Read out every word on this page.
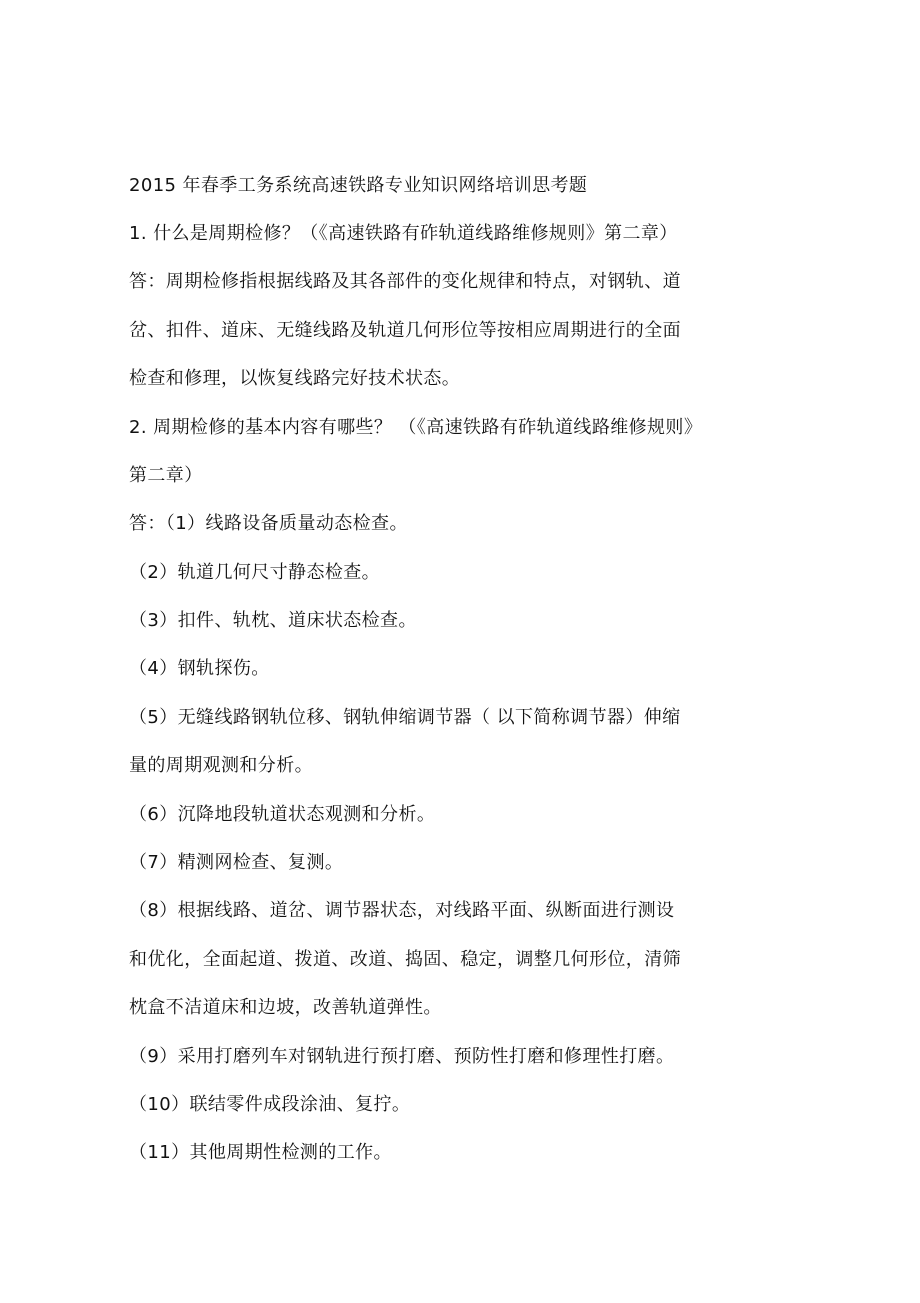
2015 年春季工务系统高速铁路专业知识网络培训思考题
1. 什么是周期检修？（《高速铁路有砟轨道线路维修规则》第二章）
答：周期检修指根据线路及其各部件的变化规律和特点，对钢轨、道
岔、扣件、道床、无缝线路及轨道几何形位等按相应周期进行的全面
检查和修理，以恢复线路完好技术状态。
2. 周期检修的基本内容有哪些？ （《高速铁路有砟轨道线路维修规则》
第二章）
答：（1）线路设备质量动态检查。
（2）轨道几何尺寸静态检查。
（3）扣件、轨枕、道床状态检查。
（4）钢轨探伤。
（5）无缝线路钢轨位移、钢轨伸缩调节器（ 以下简称调节器）伸缩
量的周期观测和分析。
（6）沉降地段轨道状态观测和分析。
（7）精测网检查、复测。
（8）根据线路、道岔、调节器状态，对线路平面、纵断面进行测设
和优化，全面起道、拨道、改道、捣固、稳定，调整几何形位，清筛
枕盒不洁道床和边坡，改善轨道弹性。
（9）采用打磨列车对钢轨进行预打磨、预防性打磨和修理性打磨。
（10）联结零件成段涂油、复拧。
（11）其他周期性检测的工作。
